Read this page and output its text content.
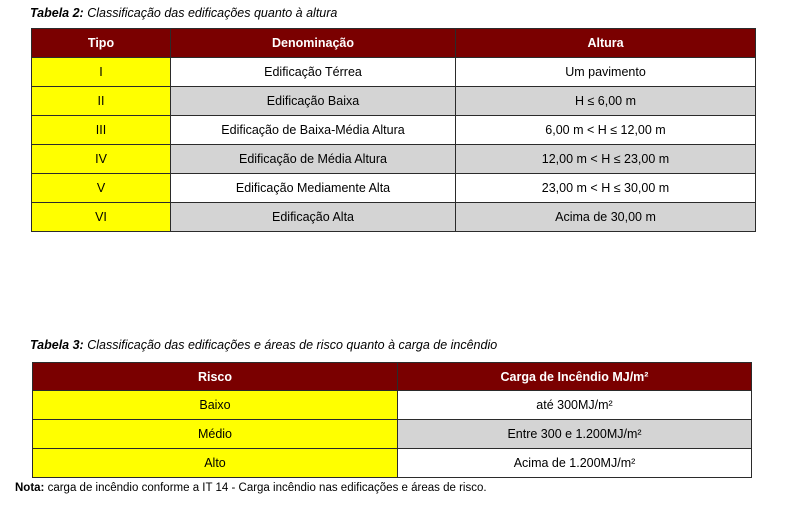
Tabela 2: Classificação das edificações quanto à altura
Tipo	Denominação	Altura
I	Edificação Térrea	Um pavimento
II	Edificação Baixa	H ≤ 6,00 m
III	Edificação de Baixa-Média Altura	6,00 m < H ≤ 12,00 m
IV	Edificação de Média Altura	12,00 m < H ≤ 23,00 m
V	Edificação Mediamente Alta	23,00 m < H ≤ 30,00 m
VI	Edificação Alta	Acima de 30,00 m
Tabela 3: Classificação das edificações e áreas de risco quanto à carga de incêndio
Risco	Carga de Incêndio MJ/m²
Baixo	até 300MJ/m²
Médio	Entre 300 e 1.200MJ/m²
Alto	Acima de 1.200MJ/m²
Nota: carga de incêndio conforme a IT 14 - Carga incêndio nas edificações e áreas de risco.
